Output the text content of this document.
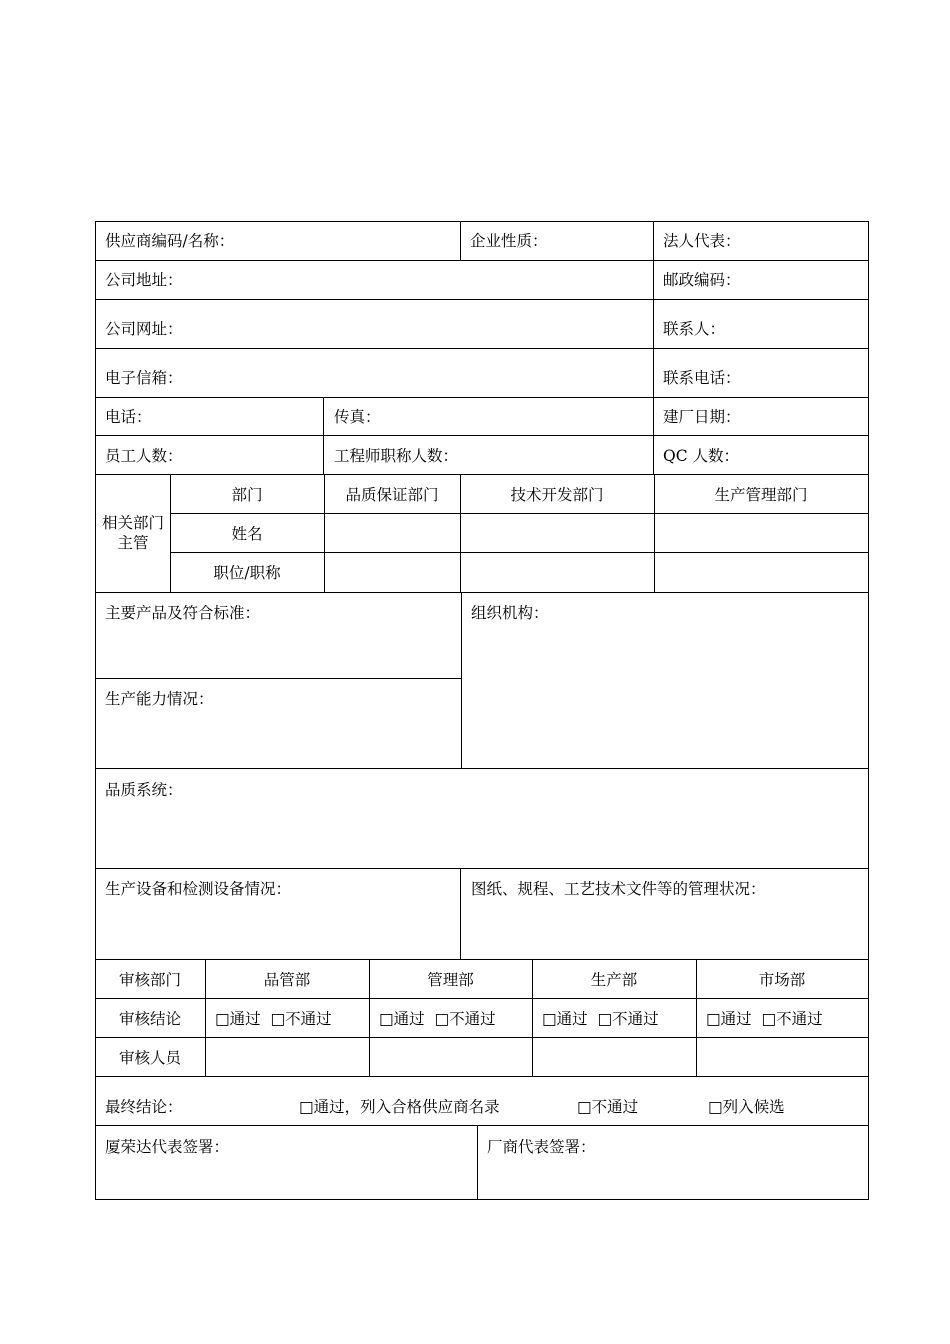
供应商编码/名称：	企业性质：	法人代表：
公司地址：	邮政编码：
公司网址：	联系人：
电子信箱：	联系电话：
电话：	传真：	建厂日期：
员工人数：	工程师职称人数：	QC 人数：
相关部门主管
部门	品质保证部门	技术开发部门	生产管理部门
姓名
职位/职称
主要产品及符合标准：	组织机构：
生产能力情况：
品质系统：
生产设备和检测设备情况：	图纸、规程、工艺技术文件等的管理状况：
审核部门	品管部	管理部	生产部	市场部
审核结论	□通过 □不通过	□通过 □不通过	□通过 □不通过	□通过 □不通过
审核人员
最终结论：	□通过，列入合格供应商名录	□不通过	□列入候选
厦荣达代表签署：	厂商代表签署：
